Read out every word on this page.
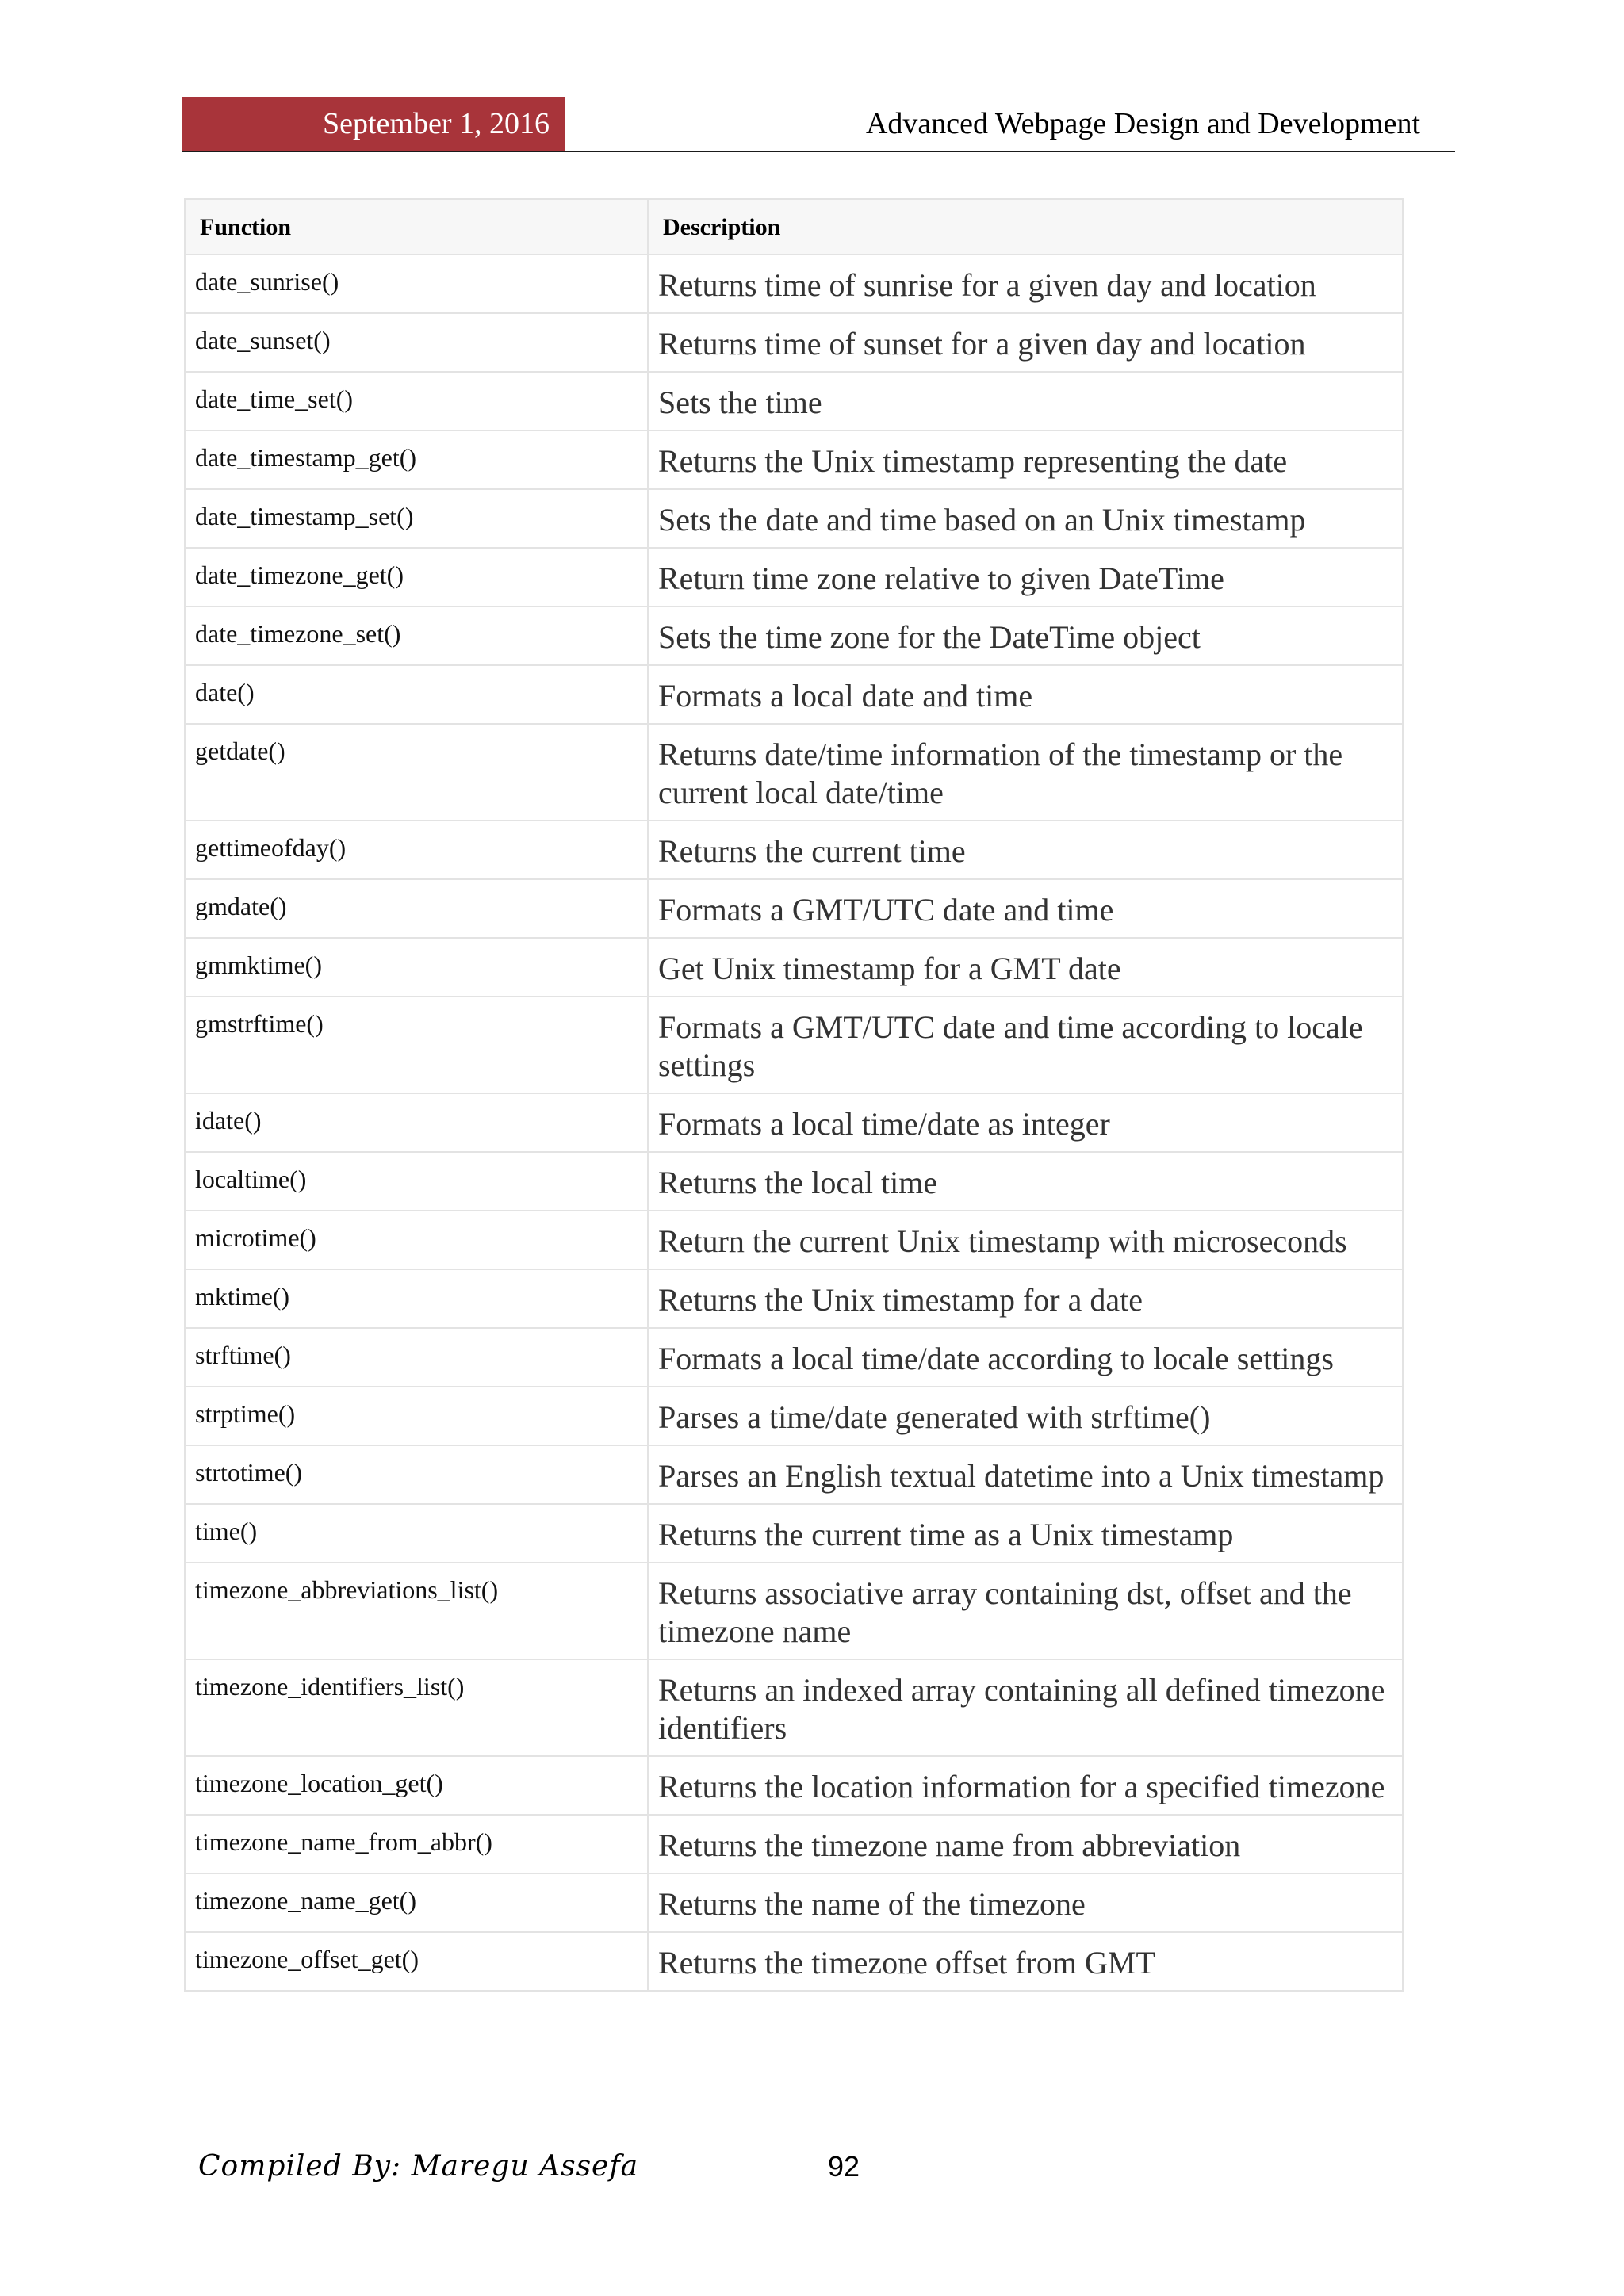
September 1, 2016	Advanced Webpage Design and Development
Function	Description
date_sunrise()	Returns time of sunrise for a given day and location
date_sunset()	Returns time of sunset for a given day and location
date_time_set()	Sets the time
date_timestamp_get()	Returns the Unix timestamp representing the date
date_timestamp_set()	Sets the date and time based on an Unix timestamp
date_timezone_get()	Return time zone relative to given DateTime
date_timezone_set()	Sets the time zone for the DateTime object
date()	Formats a local date and time
getdate()	Returns date/time information of the timestamp or the current local date/time
gettimeofday()	Returns the current time
gmdate()	Formats a GMT/UTC date and time
gmmktime()	Get Unix timestamp for a GMT date
gmstrftime()	Formats a GMT/UTC date and time according to locale settings
idate()	Formats a local time/date as integer
localtime()	Returns the local time
microtime()	Return the current Unix timestamp with microseconds
mktime()	Returns the Unix timestamp for a date
strftime()	Formats a local time/date according to locale settings
strptime()	Parses a time/date generated with strftime()
strtotime()	Parses an English textual datetime into a Unix timestamp
time()	Returns the current time as a Unix timestamp
timezone_abbreviations_list()	Returns associative array containing dst, offset and the timezone name
timezone_identifiers_list()	Returns an indexed array containing all defined timezone identifiers
timezone_location_get()	Returns the location information for a specified timezone
timezone_name_from_abbr()	Returns the timezone name from abbreviation
timezone_name_get()	Returns the name of the timezone
timezone_offset_get()	Returns the timezone offset from GMT
Compiled By: Maregu Assefa	92
